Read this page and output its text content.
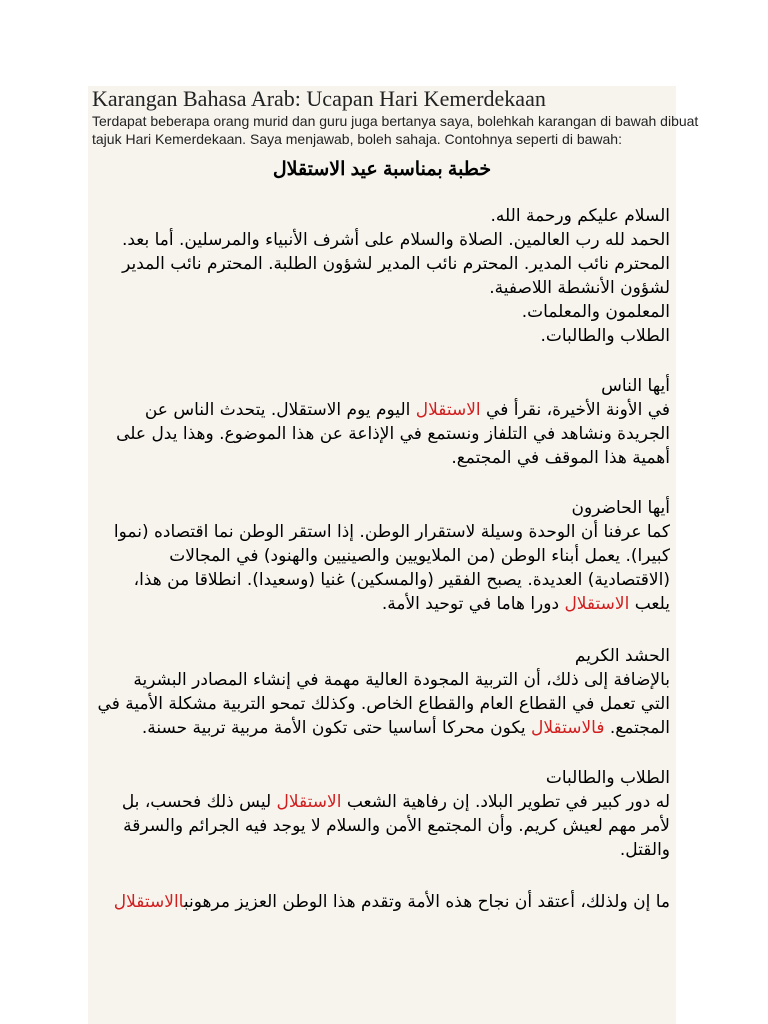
Karangan Bahasa Arab: Ucapan Hari Kemerdekaan

Terdapat beberapa orang murid dan guru juga bertanya saya, bolehkah karangan di bawah dibuat

tajuk Hari Kemerdekaan. Saya menjawab, boleh sahaja. Contohnya seperti di bawah:

خطبة بمناسبة عيد الاستقلال
السلام عليكم ورحمة الله.
الحمد لله رب العالمين. الصلاة والسلام على أشرف الأنبياء والمرسلين. أما بعد.
المحترم نائب المدير. المحترم نائب المدير لشؤون الطلبة. المحترم نائب المدير
لشؤون الأنشطة اللاصفية.
المعلمون والمعلمات.
الطلاب والطالبات.
أيها الناس
في الأونة الأخيرة، نقرأ في الاستقلال اليوم يوم الاستقلال. يتحدث الناس عن
الجريدة ونشاهد في التلفاز ونستمع في الإذاعة عن هذا الموضوع. وهذا يدل على
أهمية هذا الموقف في المجتمع.
أيها الحاضرون
كما عرفنا أن الوحدة وسيلة لاستقرار الوطن. إذا استقر الوطن نما اقتصاده (نموا
كبيرا). يعمل أبناء الوطن (من الملايويين والصينيين والهنود) في المجالات
(الاقتصادية) العديدة. يصبح الفقير (والمسكين) غنيا (وسعيدا). انطلاقا من هذا،
يلعب الاستقلال دورا هاما في توحيد الأمة.
الحشد الكريم
بالإضافة إلى ذلك، أن التربية المجودة العالية مهمة في إنشاء المصادر البشرية
التي تعمل في القطاع العام والقطاع الخاص. وكذلك تمحو التربية مشكلة الأمية في
المجتمع. فالاستقلال يكون محركا أساسيا حتى تكون الأمة مربية تربية حسنة.
الطلاب والطالبات
له دور كبير في تطوير البلاد. إن رفاهية الشعب الاستقلال ليس ذلك فحسب، بل
لأمر مهم لعيش كريم. وأن المجتمع الأمن والسلام لا يوجد فيه الجرائم والسرقة
والقتل.
ما إن ولذلك، أعتقد أن نجاح هذه الأمة وتقدم هذا الوطن العزيز مرهونباالاستقلال
